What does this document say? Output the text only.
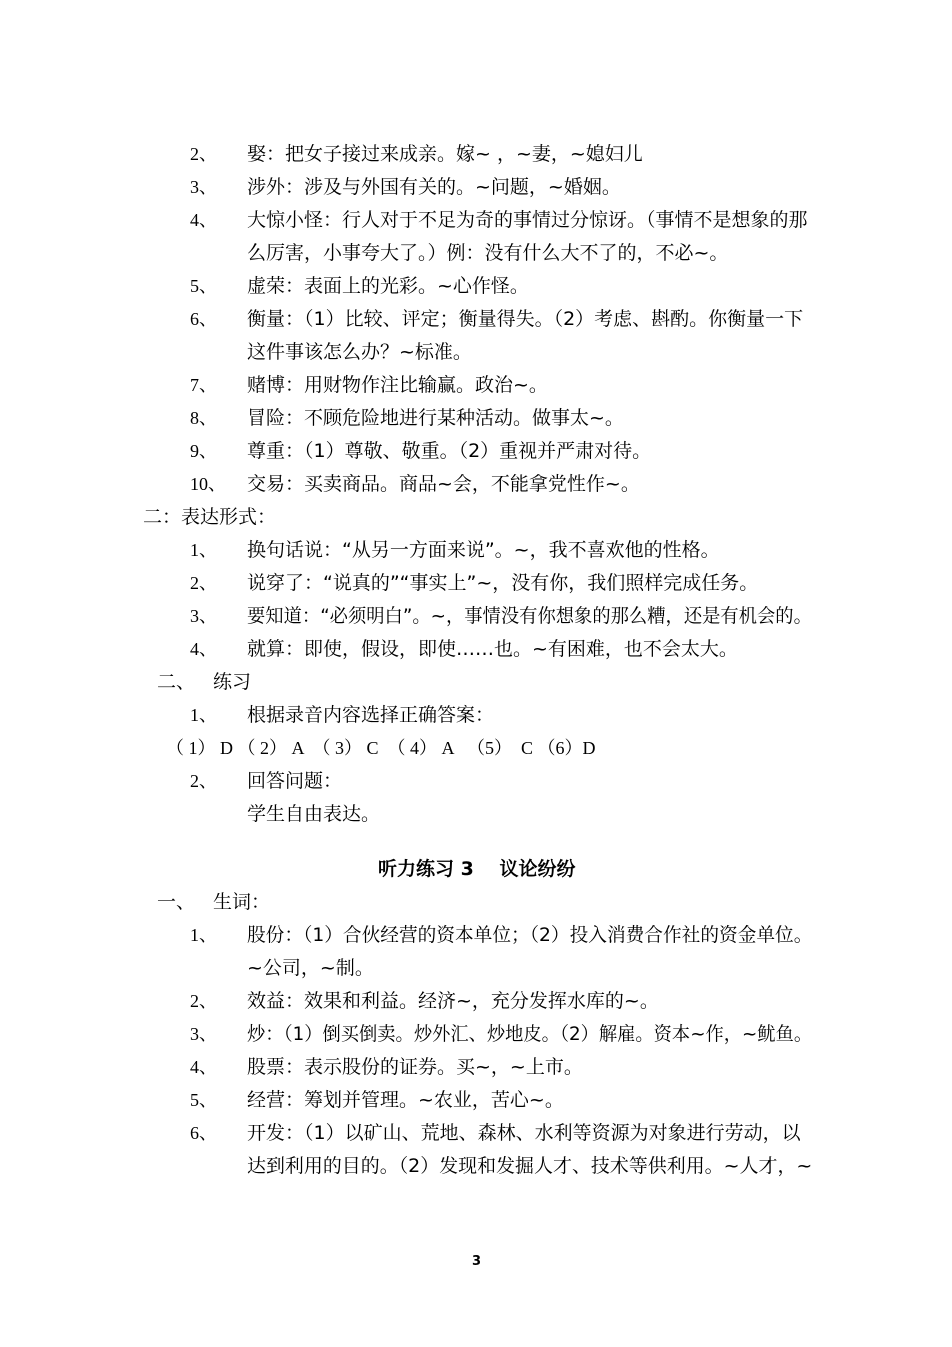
2、 娶：把女子接过来成亲。嫁~ ，~妻，~媳妇儿
3、 涉外：涉及与外国有关的。~问题，~婚姻。
4、 大惊小怪：行人对于不足为奇的事情过分惊讶。（事情不是想象的那
么厉害，小事夸大了。）例：没有什么大不了的，不必~。
5、 虚荣：表面上的光彩。~心作怪。
6、 衡量：（1）比较、评定；衡量得失。（2）考虑、斟酌。你衡量一下
这件事该怎么办？~标准。
7、 赌博：用财物作注比输赢。政治~。
8、 冒险：不顾危险地进行某种活动。做事太~。
9、 尊重：（1）尊敬、敬重。（2）重视并严肃对待。
10、 交易：买卖商品。商品~会，不能拿党性作~。
二：表达形式：
1、 换句话说：“从另一方面来说”。~，我不喜欢他的性格。
2、 说穿了：“说真的”“事实上”~，没有你，我们照样完成任务。
3、 要知道：“必须明白”。~，事情没有你想象的那么糟，还是有机会的。
4、 就算：即使，假设，即使……也。~有困难，也不会太大。
二、 练习
1、 根据录音内容选择正确答案：
（ 1） D （ 2） A  （ 3） C  （ 4） A   （5）  C （6）D
2、 回答问题：
学生自由表达。
听力练习 3　 议论纷纷
一、 生词：
1、 股份：（1）合伙经营的资本单位；（2）投入消费合作社的资金单位。
~公司，~制。
2、 效益：效果和利益。经济~，充分发挥水库的~。
3、 炒：（1）倒买倒卖。炒外汇、炒地皮。（2）解雇。资本~作，~鱿鱼。
4、 股票：表示股份的证券。买~，~上市。
5、 经营：筹划并管理。~农业，苦心~。
6、 开发：（1）以矿山、荒地、森林、水利等资源为对象进行劳动，以
达到利用的目的。（2）发现和发掘人才、技术等供利用。~人才，~
3
